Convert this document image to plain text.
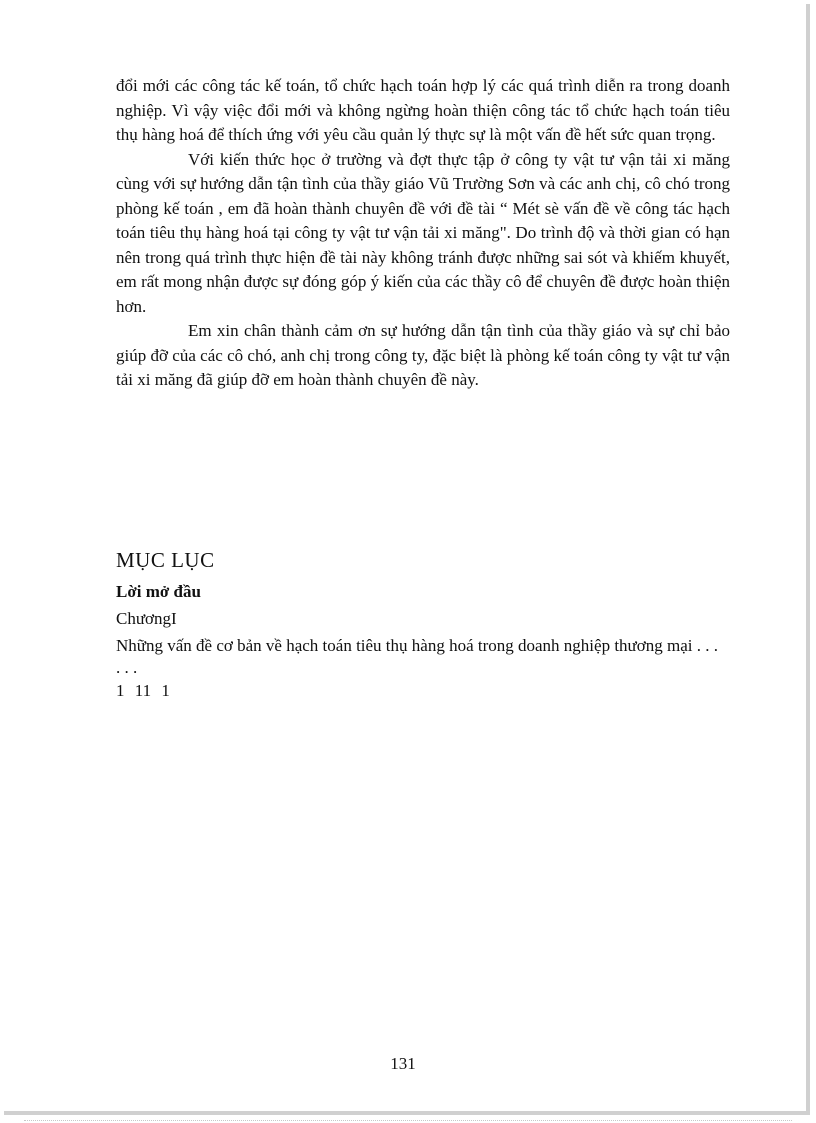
đổi mới các công tác kế toán, tổ chức hạch toán hợp lý các quá trình diễn ra trong doanh nghiệp. Vì vậy việc đổi mới và không ngừng hoàn thiện công tác tổ chức hạch toán tiêu thụ hàng hoá để thích ứng với yêu cầu quản lý thực sự là một vấn đề hết sức quan trọng.

Với kiến thức học ở trường và đợt thực tập ở công ty vật tư vận tải xi măng cùng với sự hướng dẫn tận tình của thầy giáo Vũ Trường Sơn và các anh chị, cô chó trong phòng kế toán , em đã hoàn thành chuyên đề với đề tài “ Mét sè vấn đề về công tác hạch toán tiêu thụ hàng hoá tại công ty vật tư vận tải xi măng". Do trình độ và thời gian có hạn nên trong quá trình thực hiện đề tài này không tránh được những sai sót và khiếm khuyết, em rất mong nhận được sự đóng góp ý kiến của các thầy cô để chuyên đề được hoàn thiện hơn.

Em xin chân thành cảm ơn sự hướng dẫn tận tình của thầy giáo và sự chỉ bảo giúp đỡ của các cô chó, anh chị trong công ty, đặc biệt là phòng kế toán công ty vật tư vận tải xi măng đã giúp đỡ em hoàn thành chuyên đề này.

MỤC LỤC
Lời mở đầu
ChươngI
Những vấn đề cơ bản về hạch toán tiêu thụ hàng hoá trong doanh nghiệp thương mại . . . . . .
1 11 1
131
